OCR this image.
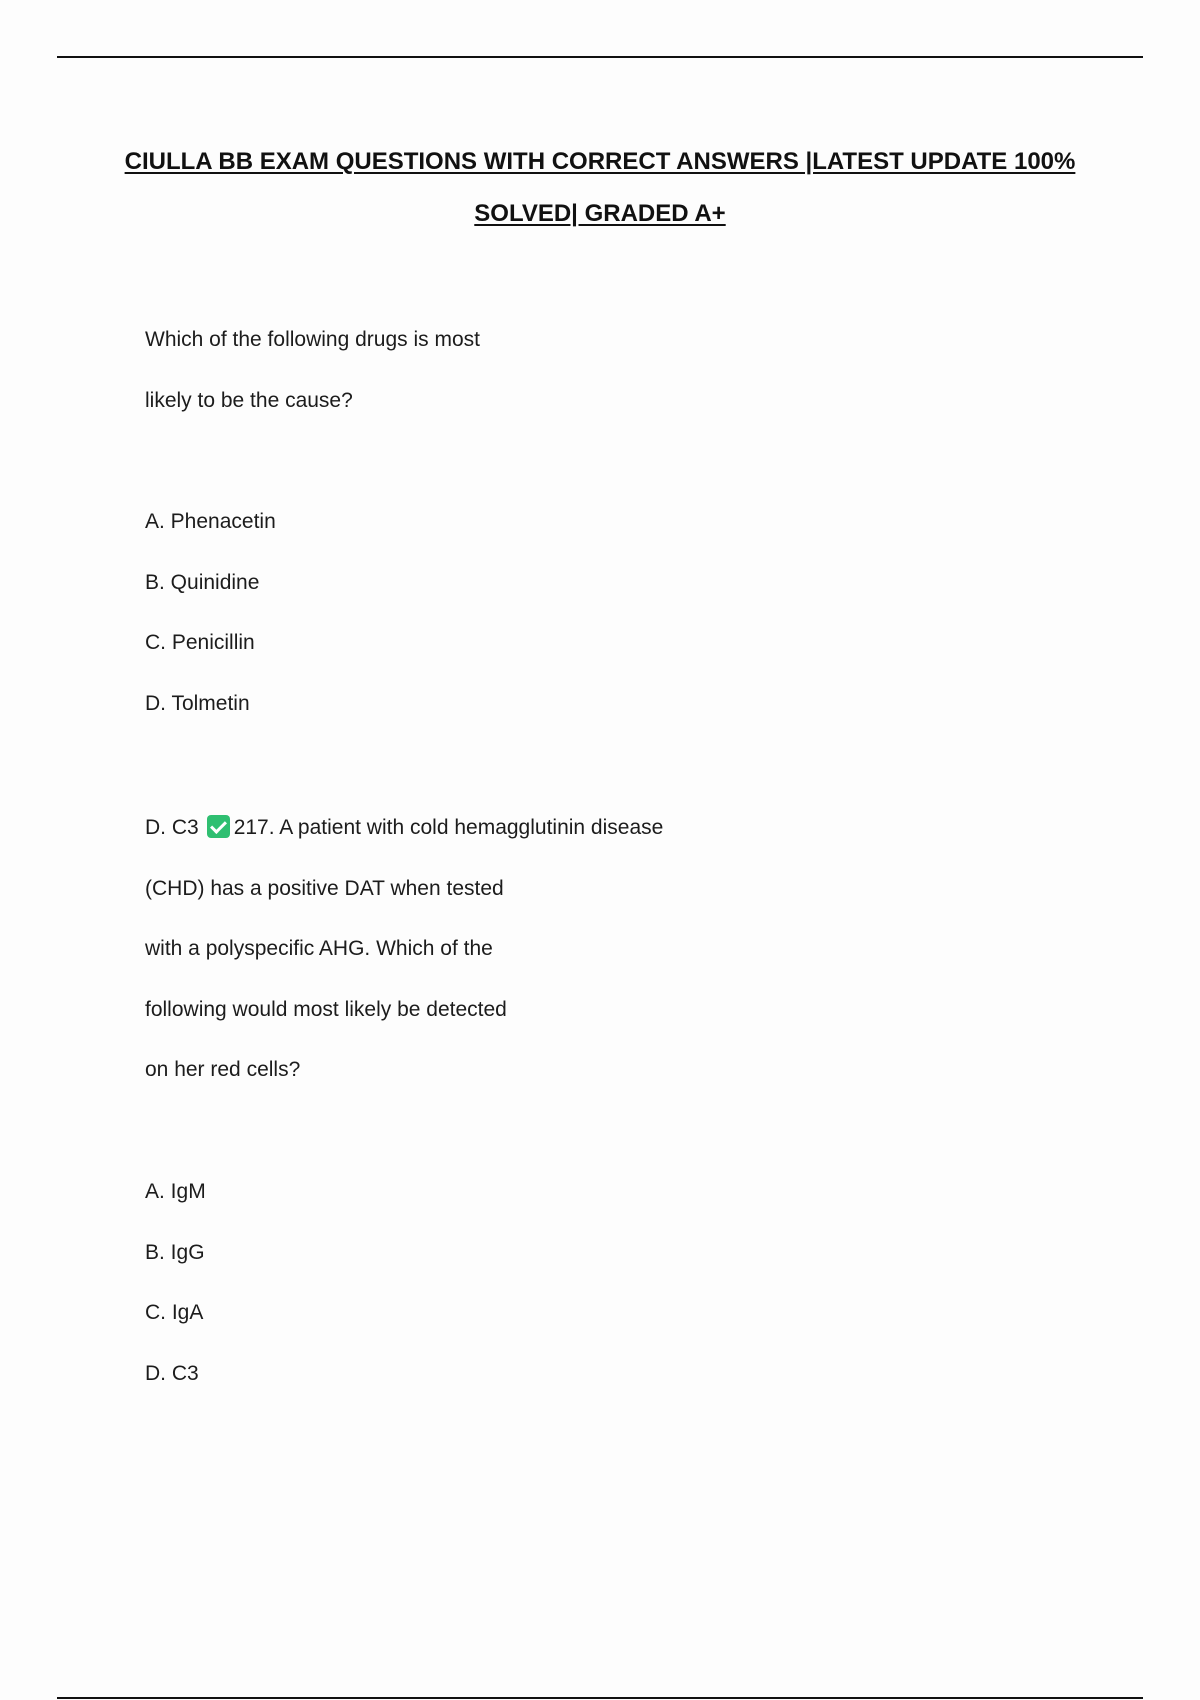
CIULLA BB EXAM QUESTIONS WITH CORRECT ANSWERS |LATEST UPDATE 100%
SOLVED| GRADED A+
Which of the following drugs is most
likely to be the cause?
A. Phenacetin
B. Quinidine
C. Penicillin
D. Tolmetin
D. C3 217. A patient with cold hemagglutinin disease
(CHD) has a positive DAT when tested
with a polyspecific AHG. Which of the
following would most likely be detected
on her red cells?
A. IgM
B. IgG
C. IgA
D. C3
